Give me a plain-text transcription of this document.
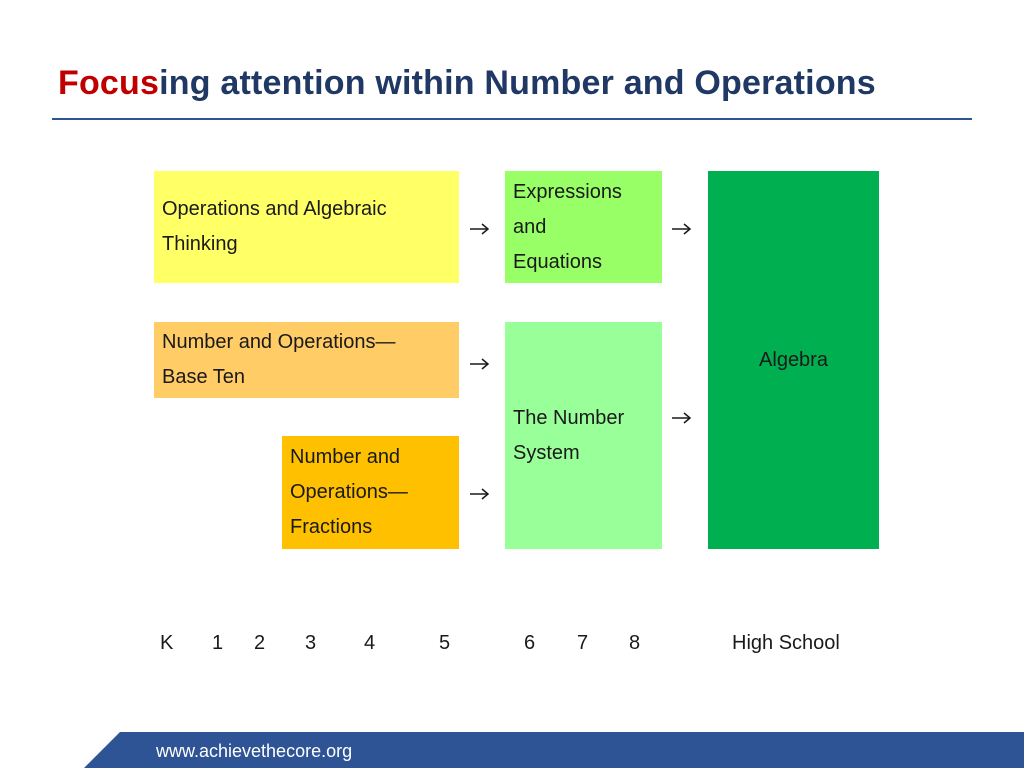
Focusing attention within Number and Operations
Operations and Algebraic
Thinking
Number and Operations—
Base Ten
Number and
Operations—
Fractions
Expressions
and
Equations
The Number
System
Algebra
K 1 2 3 4	5	6 7 8	High School
www.achievethecore.org
